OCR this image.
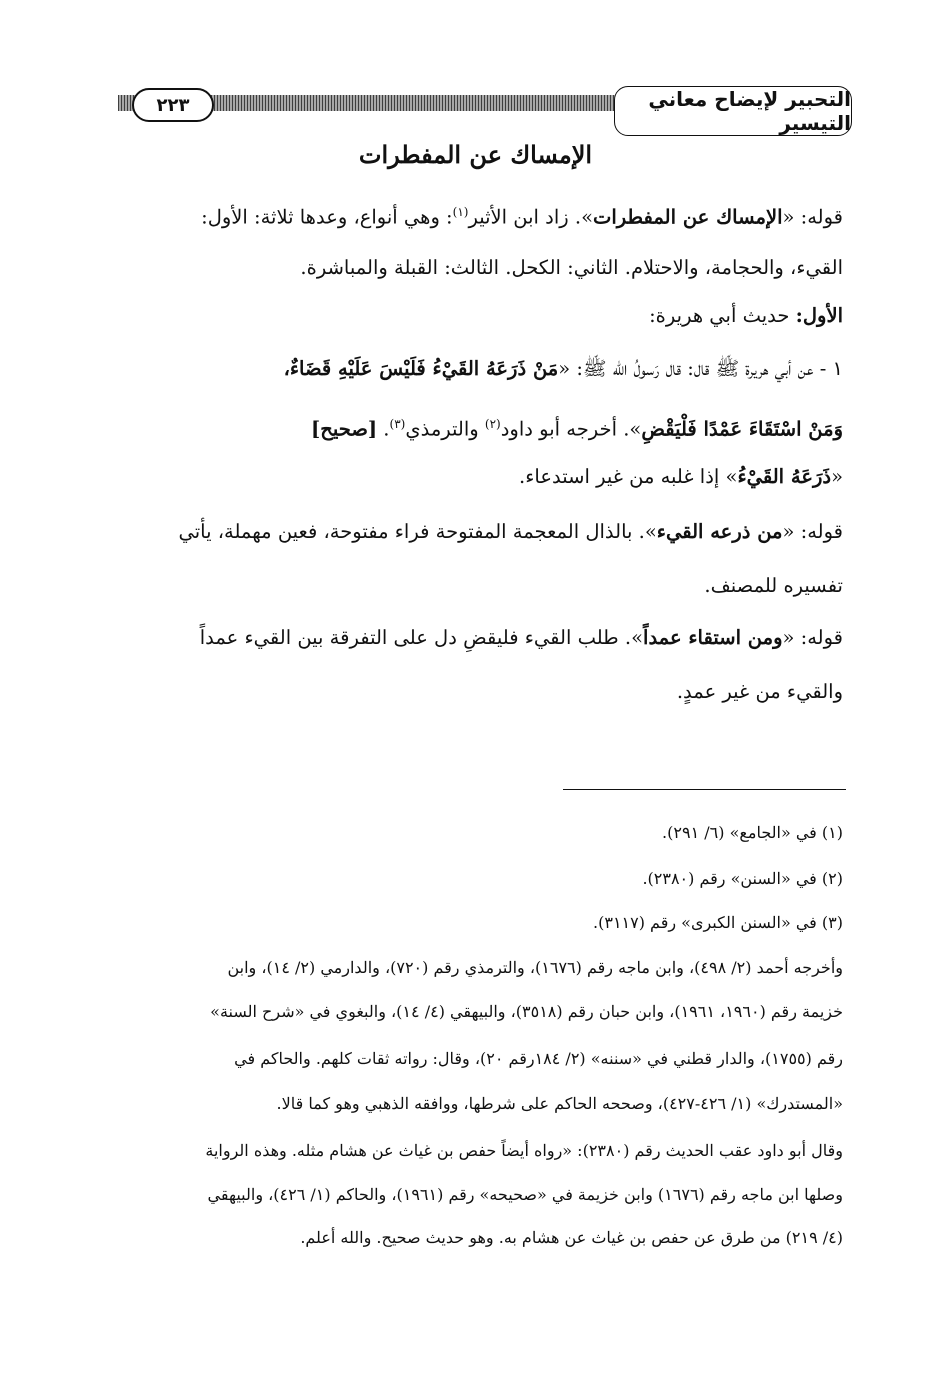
التحبير لإيضاح معاني التيسير
٢٢٣
الإمساك عن المفطرات
قوله: «الإمساك عن المفطرات». زاد ابن الأثير$^{(١)}$: وهي أنواع، وعدها ثلاثة: الأول:
القيء، والحجامة، والاحتلام. الثاني: الكحل. الثالث: القبلة والمباشرة.
الأول: حديث أبي هريرة:
١ - عن أبي هريرة ﷺ قال: قال رَسولُ الله ﷺ: «مَنْ ذَرَعَهُ القَيْءُ فَلَيْسَ عَلَيْهِ قَضَاءٌ،
وَمَنْ اسْتَقَاءَ عَمْدًا فَلْيَقْضِ». أخرجه أبو داود$^{(٢)}$ والترمذي$^{(٣)}$. [صحيح]
«ذَرَعَهُ القَيْءُ» إذا غلبه من غير استدعاء.
قوله: «من ذرعه القيء». بالذال المعجمة المفتوحة فراء مفتوحة، فعين مهملة، يأتي
تفسيره للمصنف.
قوله: «ومن استقاء عمداً». طلب القيء فليقضِ دل على التفرقة بين القيء عمداً
والقيء من غير عمدٍ.
(١) في «الجامع» (٦/ ٢٩١).
(٢) في «السنن» رقم (٢٣٨٠).
(٣) في «السنن الكبرى» رقم (٣١١٧).
وأخرجه أحمد (٢/ ٤٩٨)، وابن ماجه رقم (١٦٧٦)، والترمذي رقم (٧٢٠)، والدارمي (٢/ ١٤)، وابن
خزيمة رقم (١٩٦٠، ١٩٦١)، وابن حبان رقم (٣٥١٨)، والبيهقي (٤/ ١٤)، والبغوي في «شرح السنة»
رقم (١٧٥٥)، والدار قطني في «سننه» (٢/ ١٨٤رقم ٢٠)، وقال: رواته ثقات كلهم. والحاكم في
«المستدرك» (١/ ٤٢٦-٤٢٧)، وصححه الحاكم على شرطها، ووافقه الذهبي وهو كما قالا.
وقال أبو داود عقب الحديث رقم (٢٣٨٠): «رواه أيضاً حفص بن غياث عن هشام مثله. وهذه الرواية
وصلها ابن ماجه رقم (١٦٧٦) وابن خزيمة في «صحيحه» رقم (١٩٦١)، والحاكم (١/ ٤٢٦)، والبيهقي
(٤/ ٢١٩) من طرق عن حفص بن غياث عن هشام به. وهو حديث صحيح. والله أعلم.
